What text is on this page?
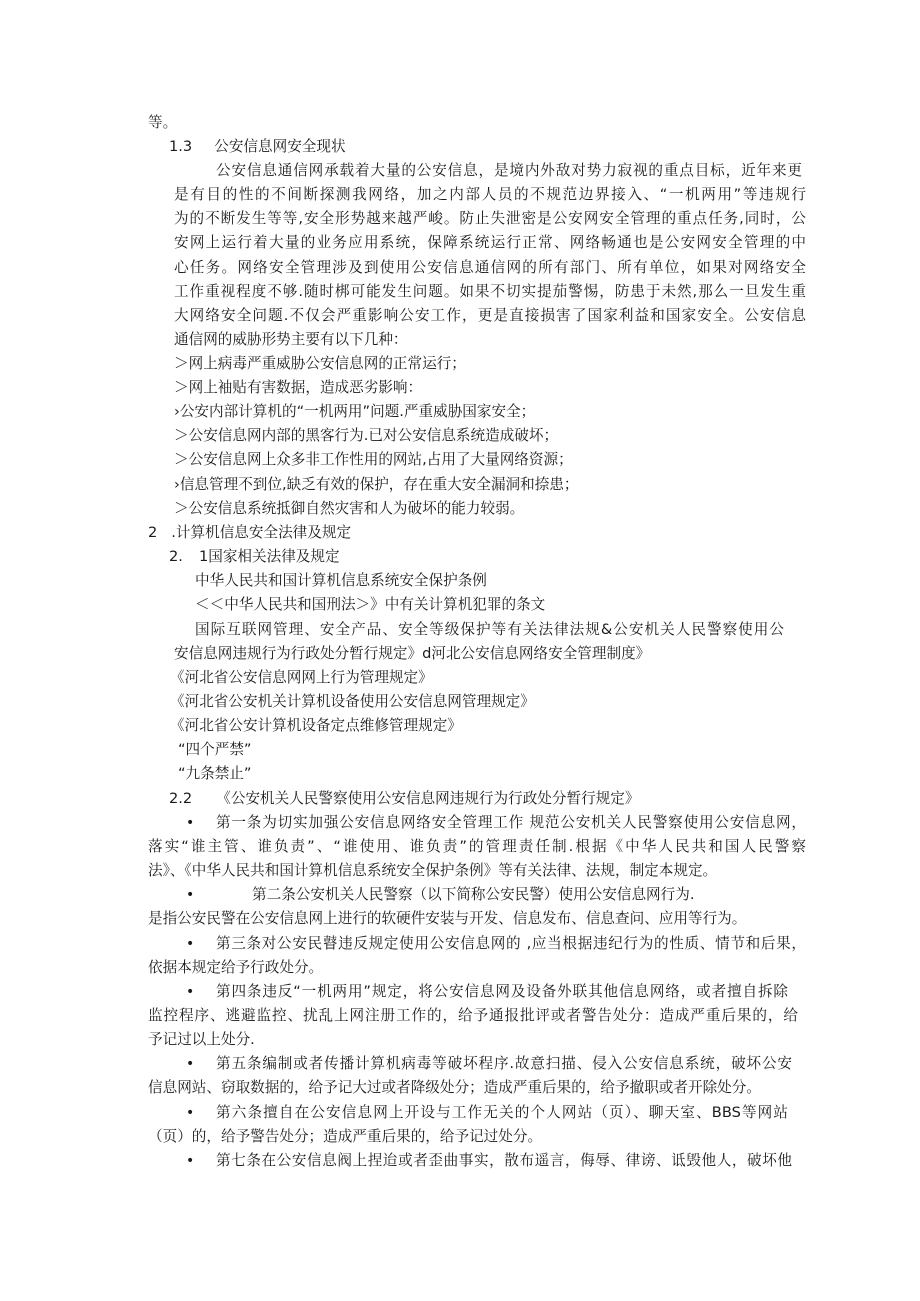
等。
1.3 公安信息网安全现状
公安信息通信网承载着大量的公安信息，是境内外敌对势力寂视的重点目标，近年来更
是有目的性的不间断探测我网络，加之内部人员的不规范边界接入、“一机两用”等违规行
为的不断发生等等,安全形势越来越严峻。防止失泄密是公安网安全管理的重点任务,同时，公
安网上运行着大量的业务应用系统，保障系统运行正常、网络畅通也是公安网安全管理的中
心任务。网络安全管理涉及到使用公安信息通信网的所有部门、所有单位，如果对网络安全
工作重视程度不够.随时梆可能发生问题。如果不切实提茄警惕，防患于未然,那么一旦发生重
大网络安全问题.不仅会严重影响公安工作，更是直接损害了国家利益和国家安全。公安信息
通信网的威胁形势主要有以下几种：
＞网上病毒严重威胁公安信息网的正常运行；
＞网上袖贴有害数据，造成恶劣影响：
›公安内部计算机的“一机两用”问题.严重威胁国家安全；
＞公安信息网内部的黑客行为.已对公安信息系统造成破坏；
＞公安信息网上众多非工作性用的网站,占用了大量网络资源；
›信息管理不到位,缺乏有效的保护，存在重大安全漏洞和捺患；
＞公安信息系统抵御自然灾害和人为破坏的能力较弱。
2 .计算机信息安全法律及规定
2. 1国家相关法律及规定
中华人民共和国计算机信息系统安全保护条例
＜＜中华人民共和国刑法＞》中有关计算机犯罪的条文
国际互联网管理、安全产品、安全等级保护等有关法律法规&公安机关人民警察使用公
安信息网违规行为行政处分暂行规定》d河北公安信息网络安全管理制度》
《河北省公安信息网网上行为管理规定》
《河北省公安机关计算机设备使用公安信息网管理规定》
《河北省公安计算机设备定点维修管理规定》
“四个严禁”
“九条禁止”
2.2 《公安机关人民警察使用公安信息网违规行为行政处分暂行规定》
• 第一条为切实加强公安信息网络安全管理工作 规范公安机关人民警察使用公安信息网，
落实“谁主管、谁负责”、“谁使用、谁负责”的管理责任制.根据《中华人民共和国人民警察
法》、《中华人民共和国计算机信息系统安全保护条例》等有关法律、法规，制定本规定。
•	第二条公安机关人民警察（以下简称公安民警）使用公安信息网行为.
是指公安民警在公安信息网上进行的软硬件安装与开发、信息发布、信息查问、应用等行为。
• 第三条对公安民瞽违反规定使用公安信息网的 ,应当根据违纪行为的性质、情节和后果，
依据本规定给予行政处分。
• 第四条违反“一机两用”规定，将公安信息网及设备外联其他信息网络，或者擅自拆除
监控程序、逃避监控、扰乱上网注册工作的，给予通报批评或者警告处分：造成严重后果的，给
予记过以上处分.
• 第五条编制或者传播计算机病毒等破坏程序.故意扫描、侵入公安信息系统，破坏公安
信息网站、窃取数据的，给予记大过或者降级处分；造成严重后果的，给予撤职或者开除处分。
• 第六条擅自在公安信息网上开设与工作无关的个人网站（页）、聊天室、BBS等网站
（页）的，给予警告处分；造成严重后果的，给予记过处分。
• 第七条在公安信息阀上捏迨或者歪曲事实，散布遥言，侮辱、律谤、诋毁他人，破坏他
